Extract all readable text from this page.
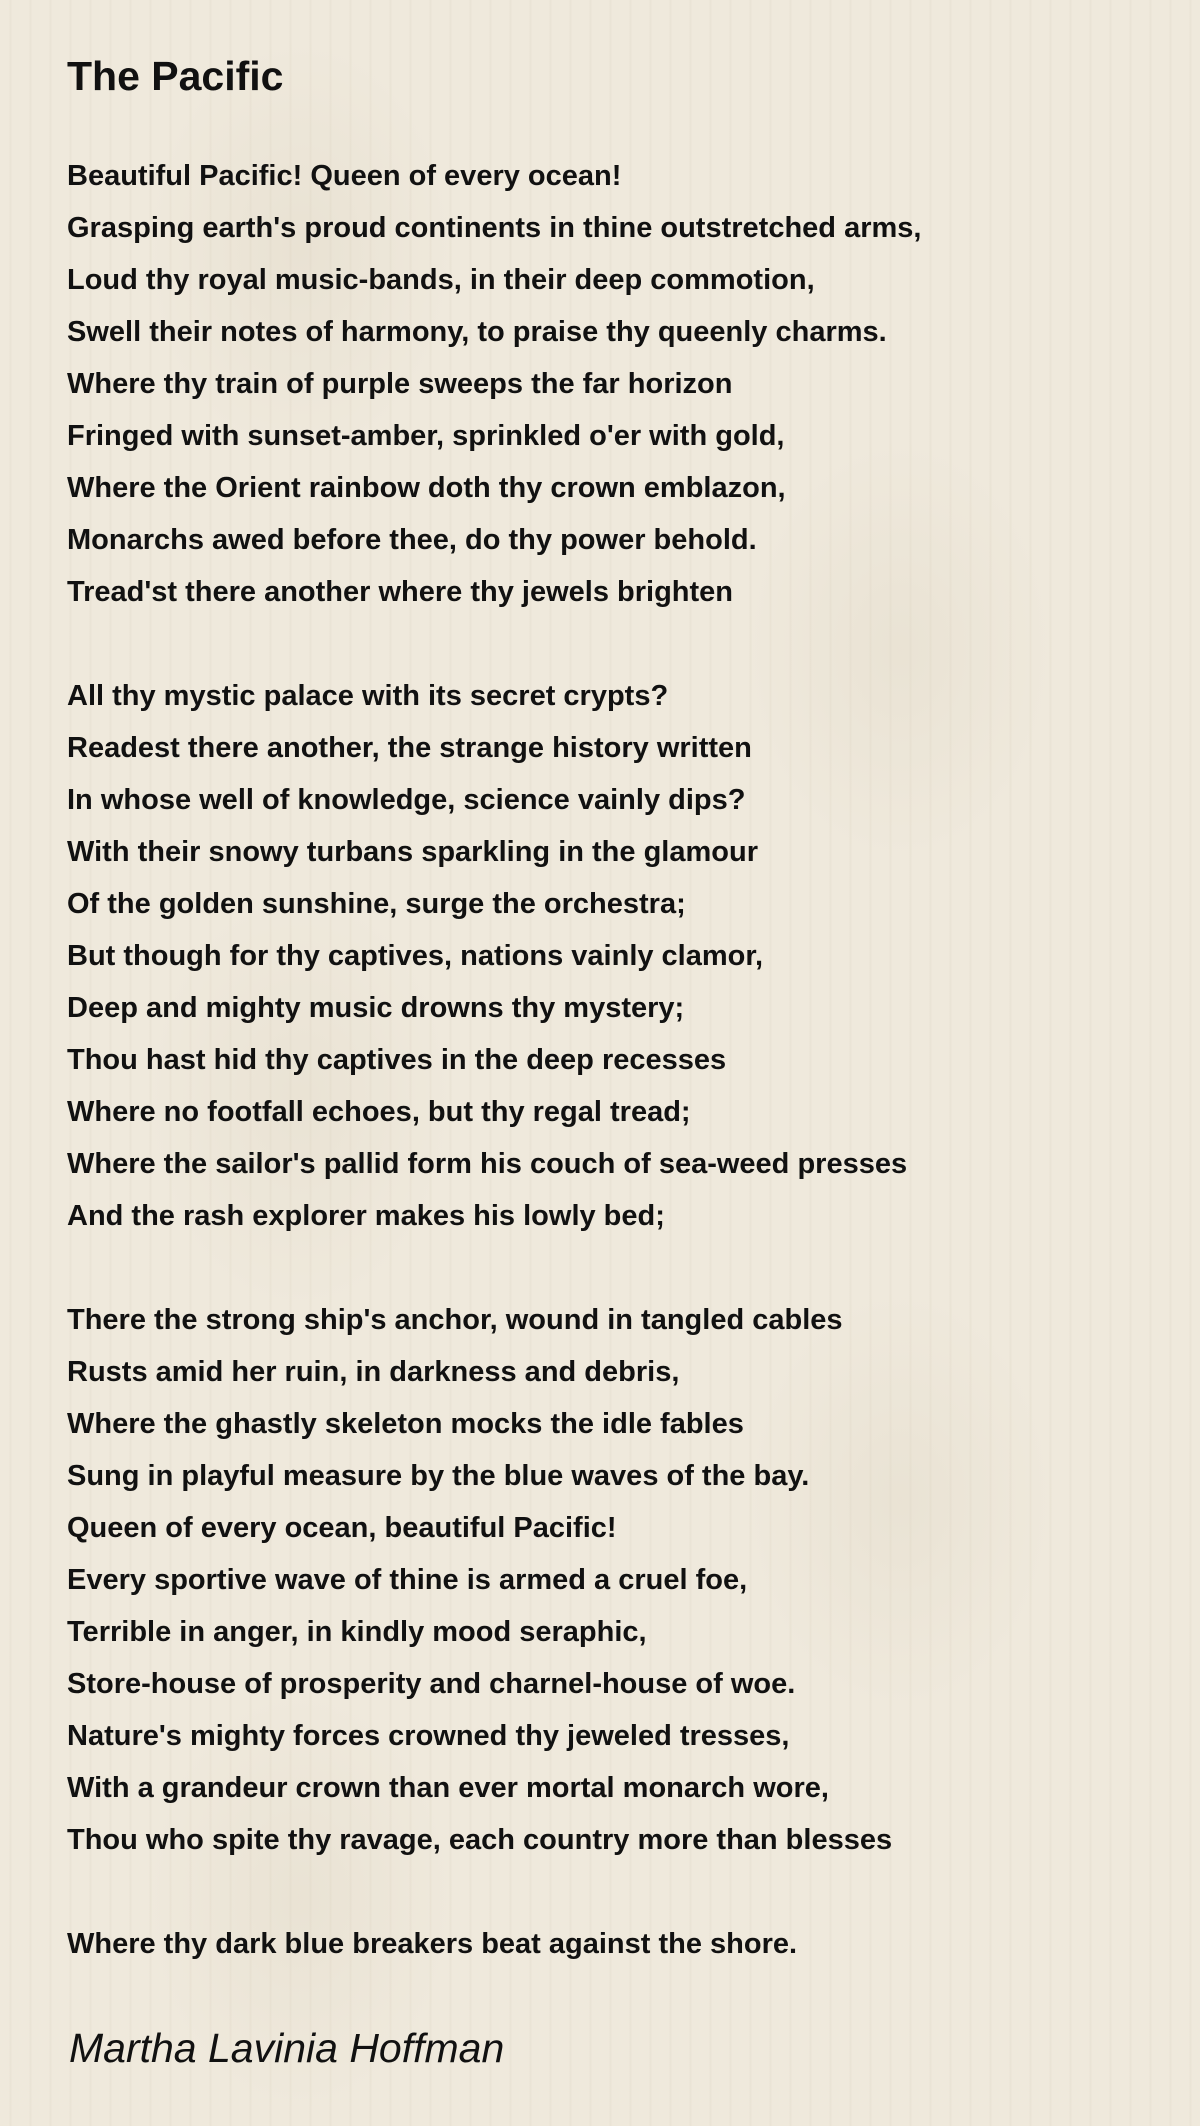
The Pacific
Beautiful Pacific! Queen of every ocean!
Grasping earth's proud continents in thine outstretched arms,
Loud thy royal music-bands, in their deep commotion,
Swell their notes of harmony, to praise thy queenly charms.
Where thy train of purple sweeps the far horizon
Fringed with sunset-amber, sprinkled o'er with gold,
Where the Orient rainbow doth thy crown emblazon,
Monarchs awed before thee, do thy power behold.
Tread'st there another where thy jewels brighten
All thy mystic palace with its secret crypts?
Readest there another, the strange history written
In whose well of knowledge, science vainly dips?
With their snowy turbans sparkling in the glamour
Of the golden sunshine, surge the orchestra;
But though for thy captives, nations vainly clamor,
Deep and mighty music drowns thy mystery;
Thou hast hid thy captives in the deep recesses
Where no footfall echoes, but thy regal tread;
Where the sailor's pallid form his couch of sea-weed presses
And the rash explorer makes his lowly bed;
There the strong ship's anchor, wound in tangled cables
Rusts amid her ruin, in darkness and debris,
Where the ghastly skeleton mocks the idle fables
Sung in playful measure by the blue waves of the bay.
Queen of every ocean, beautiful Pacific!
Every sportive wave of thine is armed a cruel foe,
Terrible in anger, in kindly mood seraphic,
Store-house of prosperity and charnel-house of woe.
Nature's mighty forces crowned thy jeweled tresses,
With a grandeur crown than ever mortal monarch wore,
Thou who spite thy ravage, each country more than blesses
Where thy dark blue breakers beat against the shore.
Martha Lavinia Hoffman
